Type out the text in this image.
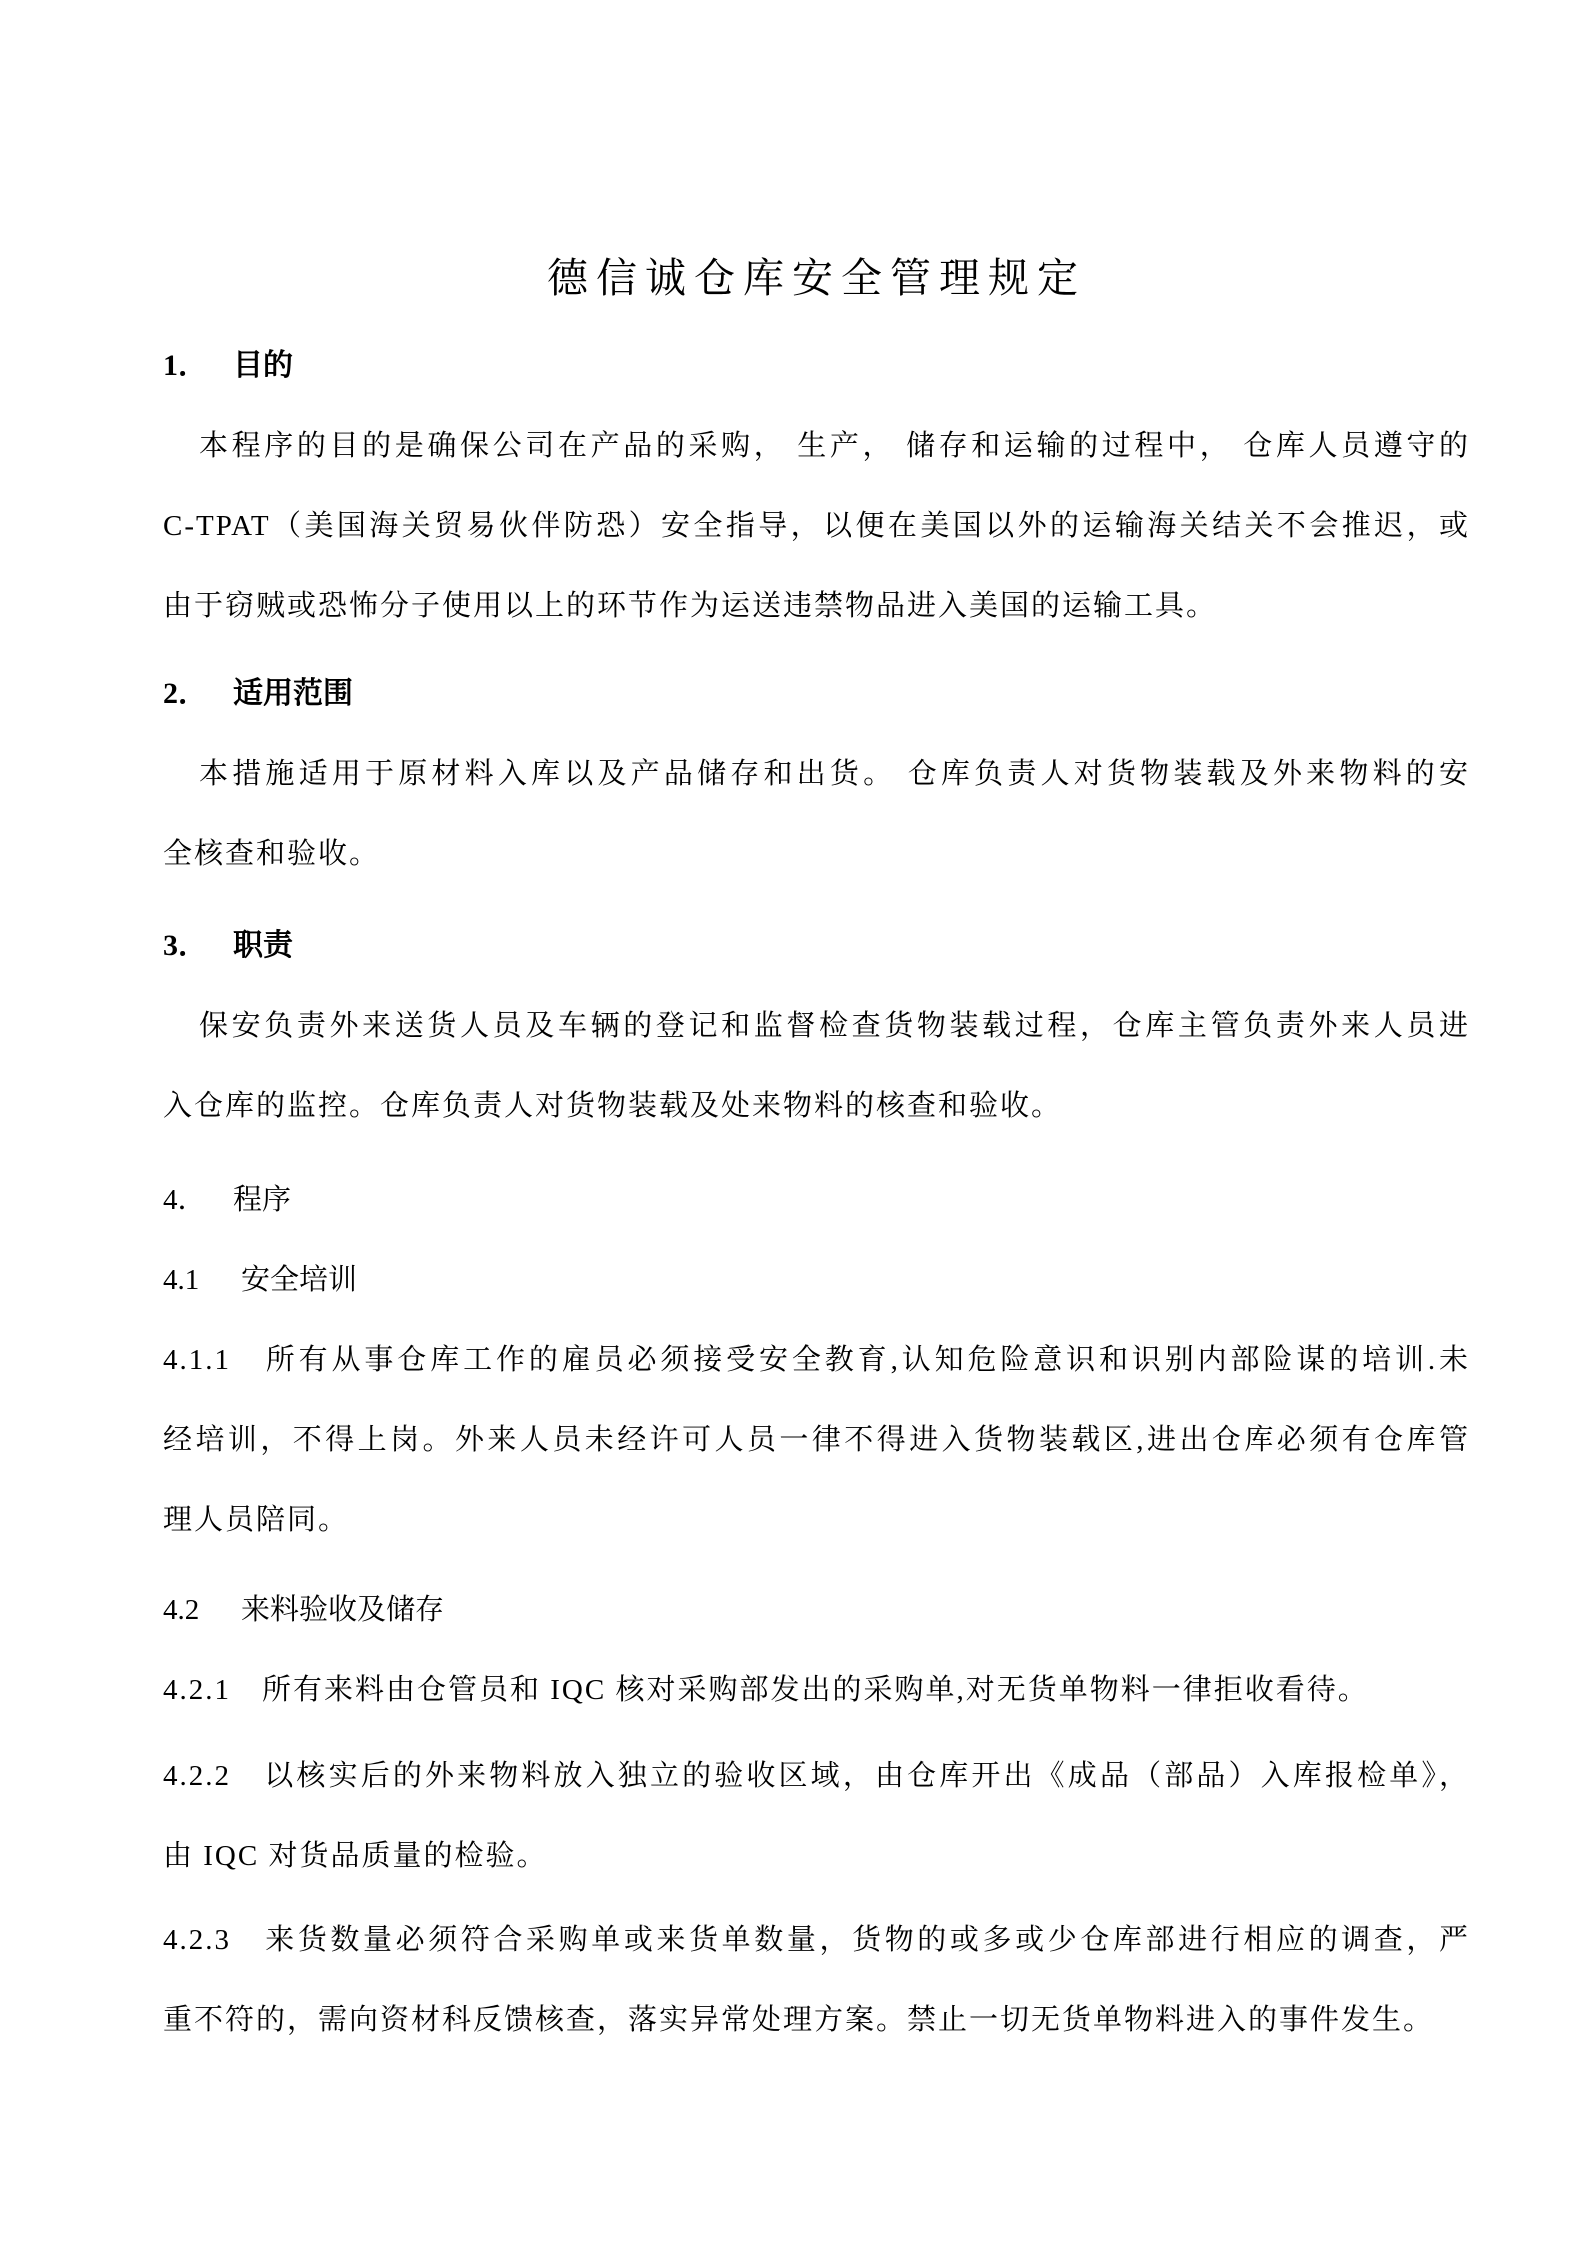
德信诚仓库安全管理规定
1． 目的
本程序的目的是确保公司在产品的采购， 生产， 储存和运输的过程中， 仓库人员遵守的
C-TPAT（美国海关贸易伙伴防恐）安全指导，以便在美国以外的运输海关结关不会推迟，或
由于窃贼或恐怖分子使用以上的环节作为运送违禁物品进入美国的运输工具。
2． 适用范围
本措施适用于原材料入库以及产品储存和出货。 仓库负责人对货物装载及外来物料的安
全核查和验收。
3． 职责
保安负责外来送货人员及车辆的登记和监督检查货物装载过程，仓库主管负责外来人员进
入仓库的监控。仓库负责人对货物装载及处来物料的核查和验收。
4． 程序
4.1 安全培训
4.1.1　所有从事仓库工作的雇员必须接受安全教育,认知危险意识和识别内部险谋的培训.未
经培训，不得上岗。外来人员未经许可人员一律不得进入货物装载区,进出仓库必须有仓库管
理人员陪同。
4.2 来料验收及储存
4.2.1　所有来料由仓管员和 IQC 核对采购部发出的采购单,对无货单物料一律拒收看待。
4.2.2　以核实后的外来物料放入独立的验收区域，由仓库开出《成品（部品）入库报检单》，
由 IQC 对货品质量的检验。
4.2.3　来货数量必须符合采购单或来货单数量，货物的或多或少仓库部进行相应的调查，严
重不符的，需向资材科反馈核查，落实异常处理方案。禁止一切无货单物料进入的事件发生。
